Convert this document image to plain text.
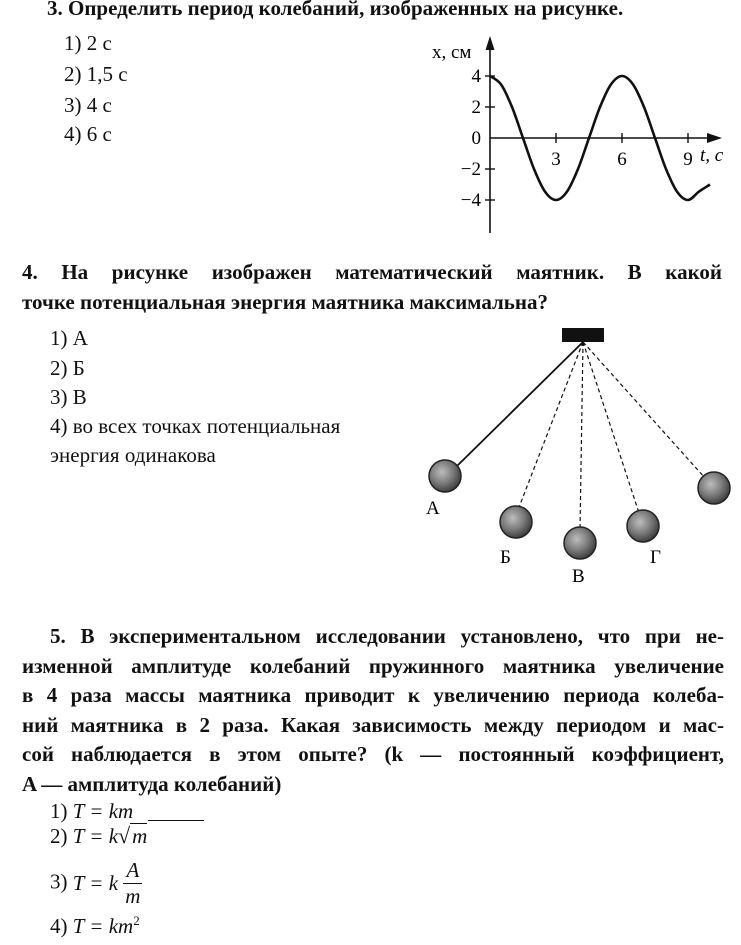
3. Определить период колебаний, изображенных на рисунке.
1) 2 с
2) 1,5 с
3) 4 с
4) 6 с
x, см
t, с
3	6	9
4
2
0
−2
−4
4. На рисунке изображен математический маятник. В какой
точке потенциальная энергия маятника максимальна?
1) А
2) Б
3) В
4) во всех точках потенциальная
энергия одинакова
А
Б
В
Г
5. В экспериментальном исследовании установлено, что при не-
изменной амплитуде колебаний пружинного маятника увеличение
в 4 раза массы маятника приводит к увеличению периода колеба-
ний маятника в 2 раза. Какая зависимость между периодом и мас-
сой наблюдается в этом опыте? (k — постоянный коэффициент,
A — амплитуда колебаний)
1) T = km
2) T = k√m
3) T = k $\frac{A}{m}$
4) $T = km^2$
